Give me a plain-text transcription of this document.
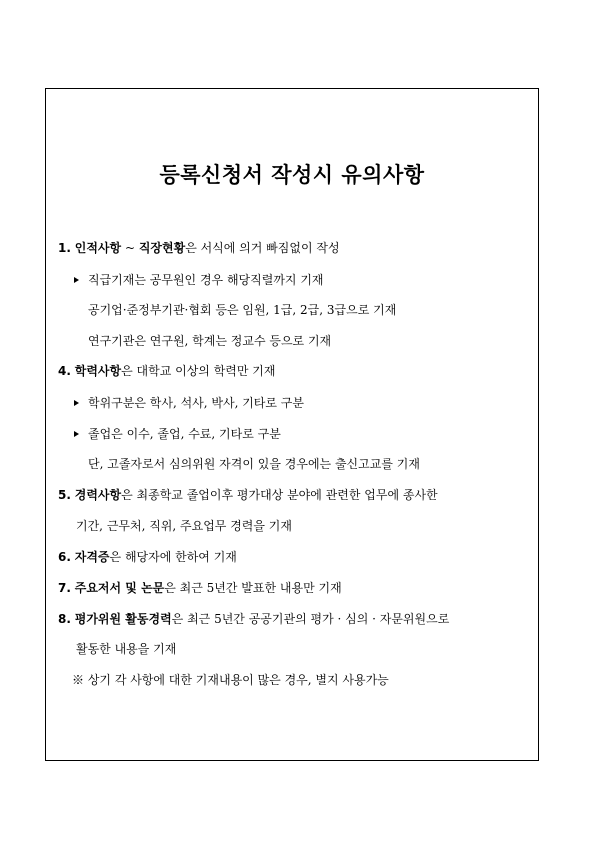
등록신청서 작성시 유의사항
1. 인적사항 ~ 직장현황은 서식에 의거 빠짐없이 작성
직급기재는 공무원인 경우 해당직렬까지 기재
공기업·준정부기관·협회 등은 임원, 1급, 2급, 3급으로 기재
연구기관은 연구원, 학계는 정교수 등으로 기재
4. 학력사항은 대학교 이상의 학력만 기재
학위구분은 학사, 석사, 박사, 기타로 구분
졸업은 이수, 졸업, 수료, 기타로 구분
단, 고졸자로서 심의위원 자격이 있을 경우에는 출신고교를 기재
5. 경력사항은 최종학교 졸업이후 평가대상 분야에 관련한 업무에 종사한
기간, 근무처, 직위, 주요업무 경력을 기재
6. 자격증은 해당자에 한하여 기재
7. 주요저서 및 논문은 최근 5년간 발표한 내용만 기재
8. 평가위원 활동경력은 최근 5년간 공공기관의 평가 · 심의 · 자문위원으로
활동한 내용을 기재
※ 상기 각 사항에 대한 기재내용이 많은 경우, 별지 사용가능
